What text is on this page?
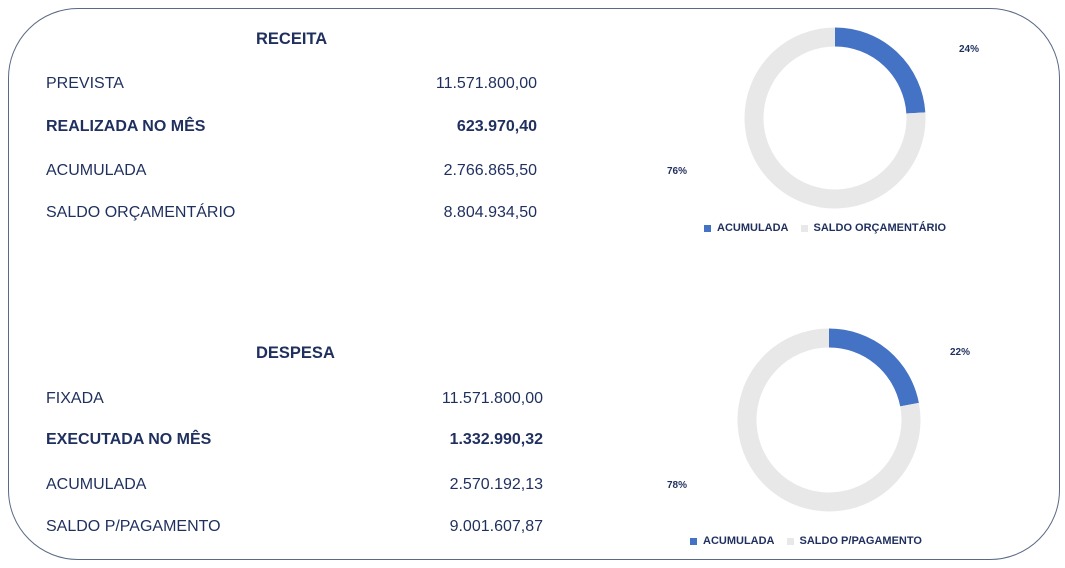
RECEITA
PREVISTA	11.571.800,00
REALIZADA NO MÊS	623.970,40
ACUMULADA	2.766.865,50
SALDO ORÇAMENTÁRIO	8.804.934,50
DESPESA
FIXADA	11.571.800,00
EXECUTADA NO MÊS	1.332.990,32
ACUMULADA	2.570.192,13
SALDO P/PAGAMENTO	9.001.607,87
24%
76%
ACUMULADA SALDO ORÇAMENTÁRIO
22%
78%
ACUMULADA SALDO P/PAGAMENTO
